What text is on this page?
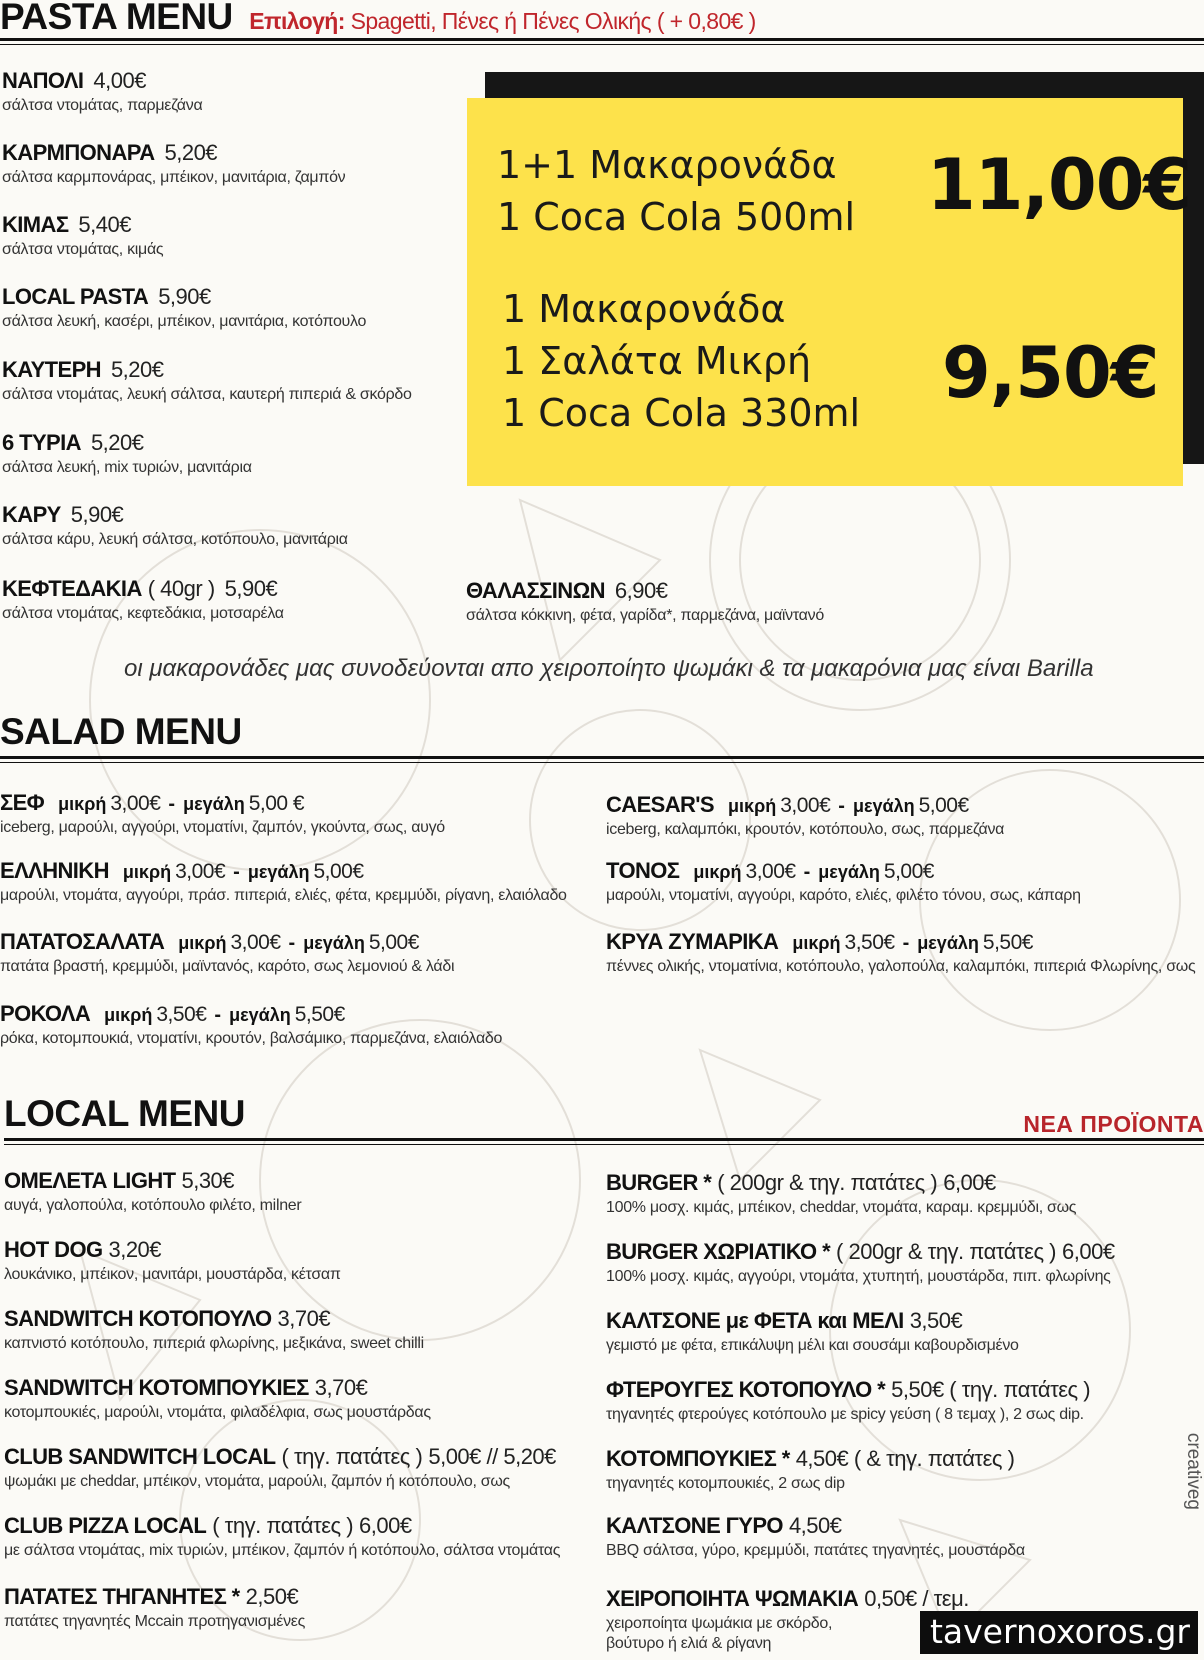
PASTA MENU Επιλογή: Spagetti, Πένες ή Πένες Ολικής ( + 0,80€ )
ΝΑΠΟΛΙ 4,00€
σάλτσα ντομάτας, παρμεζάνα
ΚΑΡΜΠΟΝΑΡΑ 5,20€
σάλτσα καρμπονάρας, μπέικον, μανιτάρια, ζαμπόν
ΚΙΜΑΣ 5,40€
σάλτσα ντομάτας, κιμάς
LOCAL PASTA 5,90€
σάλτσα λευκή, κασέρι, μπέικον, μανιτάρια, κοτόπουλο
ΚΑΥΤΕΡΗ 5,20€
σάλτσα ντομάτας, λευκή σάλτσα, καυτερή πιπεριά & σκόρδο
6 ΤΥΡΙΑ 5,20€
σάλτσα λευκή, mix τυριών, μανιτάρια
ΚΑΡΥ 5,90€
σάλτσα κάρυ, λευκή σάλτσα, κοτόπουλο, μανιτάρια
ΚΕΦΤΕΔΑΚΙΑ ( 40gr ) 5,90€
σάλτσα ντομάτας, κεφτεδάκια, μοτσαρέλα
ΘΑΛΑΣΣΙΝΩΝ 6,90€
σάλτσα κόκκινη, φέτα, γαρίδα*, παρμεζάνα, μαϊντανό
1+1 Μακαρονάδα
1 Coca Cola 500ml 11,00€
1 Μακαρονάδα
1 Σαλάτα Μικρή
1 Coca Cola 330ml 9,50€
οι μακαρονάδες μας συνοδεύονται απο χειροποίητο ψωμάκι & τα μακαρόνια μας είναι Barilla
SALAD MENU
ΣΕΦ μικρή 3,00€ - μεγάλη 5,00 €
iceberg, μαρούλι, αγγούρι, ντοματίνι, ζαμπόν, γκούντα, σως, αυγό
ΕΛΛΗΝΙΚΗ μικρή 3,00€ - μεγάλη 5,00€
μαρούλι, ντομάτα, αγγούρι, πράσ. πιπεριά, ελιές, φέτα, κρεμμύδι, ρίγανη, ελαιόλαδο
ΠΑΤΑΤΟΣΑΛΑΤΑ μικρή 3,00€ - μεγάλη 5,00€
πατάτα βραστή, κρεμμύδι, μαϊντανός, καρότο, σως λεμονιού & λάδι
ΡΟΚΟΛΑ μικρή 3,50€ - μεγάλη 5,50€
ρόκα, κοτομπουκιά, ντοματίνι, κρουτόν, βαλσάμικο, παρμεζάνα, ελαιόλαδο
CAESAR'S μικρή 3,00€ - μεγάλη 5,00€
iceberg, καλαμπόκι, κρουτόν, κοτόπουλο, σως, παρμεζάνα
ΤΟΝΟΣ μικρή 3,00€ - μεγάλη 5,00€
μαρούλι, ντοματίνι, αγγούρι, καρότο, ελιές, φιλέτο τόνου, σως, κάπαρη
ΚΡΥΑ ΖΥΜΑΡΙΚΑ μικρή 3,50€ - μεγάλη 5,50€
πέννες ολικής, ντοματίνια, κοτόπουλο, γαλοπούλα, καλαμπόκι, πιπεριά Φλωρίνης, σως
LOCAL MENU	ΝΕΑ ΠΡΟΪΟΝΤΑ
ΟΜΕΛΕΤΑ LIGHT 5,30€
αυγά, γαλοπούλα, κοτόπουλο φιλέτο, milner
HOT DOG 3,20€
λουκάνικο, μπέικον, μανιτάρι, μουστάρδα, κέτσαπ
SANDWITCH ΚΟΤΟΠΟΥΛΟ 3,70€
καπνιστό κοτόπουλο, πιπεριά φλωρίνης, μεξικάνα, sweet chilli
SANDWITCH ΚΟΤΟΜΠΟΥΚΙΕΣ 3,70€
κοτομπουκιές, μαρούλι, ντομάτα, φιλαδέλφια, σως μουστάρδας
CLUB SANDWITCH LOCAL ( τηγ. πατάτες ) 5,00€ // 5,20€
ψωμάκι με cheddar, μπέικον, ντομάτα, μαρούλι, ζαμπόν ή κοτόπουλο, σως
CLUB PIZZA LOCAL ( τηγ. πατάτες ) 6,00€
με σάλτσα ντομάτας, mix τυριών, μπέικον, ζαμπόν ή κοτόπουλο, σάλτσα ντομάτας
ΠΑΤΑΤΕΣ ΤΗΓΑΝΗΤΕΣ * 2,50€
πατάτες τηγανητές Mccain προτηγανισμένες
BURGER * ( 200gr & τηγ. πατάτες ) 6,00€
100% μοσχ. κιμάς, μπέικον, cheddar, ντομάτα, καραμ. κρεμμύδι, σως
BURGER ΧΩΡΙΑΤΙΚΟ * ( 200gr & τηγ. πατάτες ) 6,00€
100% μοσχ. κιμάς, αγγούρι, ντομάτα, χτυπητή, μουστάρδα, πιπ. φλωρίνης
ΚΑΛΤΣΟΝΕ με ΦΕΤΑ και ΜΕΛΙ 3,50€
γεμιστό με φέτα, επικάλυψη μέλι και σουσάμι καβουρδισμένο
ΦΤΕΡΟΥΓΕΣ ΚΟΤΟΠΟΥΛΟ * 5,50€ ( τηγ. πατάτες )
τηγανητές φτερούγες κοτόπουλο με spicy γεύση ( 8 τεμαχ ), 2 σως dip.
ΚΟΤΟΜΠΟΥΚΙΕΣ * 4,50€ ( & τηγ. πατάτες )
τηγανητές κοτομπουκιές, 2 σως dip
ΚΑΛΤΣΟΝΕ ΓΥΡΟ 4,50€
BBQ σάλτσα, γύρο, κρεμμύδι, πατάτες τηγανητές, μουστάρδα
ΧΕΙΡΟΠΟΙΗΤΑ ΨΩΜΑΚΙΑ 0,50€ / τεμ.
χειροποίητα ψωμάκια με σκόρδο,
βούτυρο ή ελιά & ρίγανη
creativeg
tavernoxoros.gr
